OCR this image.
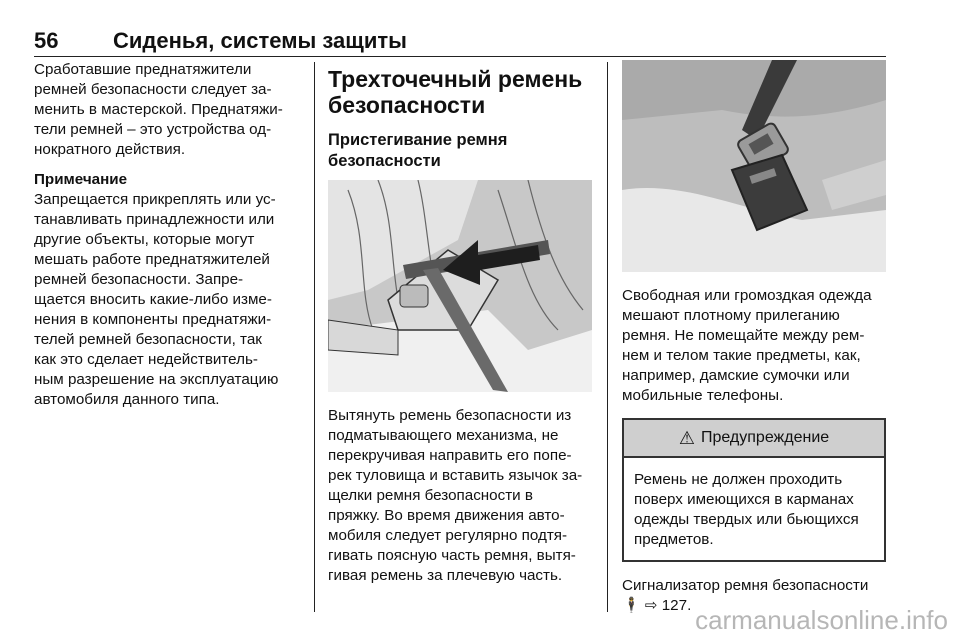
56 Сиденья, системы защиты

Сработавшие преднатяжители
ремней безопасности следует за-
менить в мастерской. Преднатяжи-
тели ремней – это устройства од-
нократного действия.

Примечание

Запрещается прикреплять или ус-
танавливать принадлежности или
другие объекты, которые могут
мешать работе преднатяжителей
ремней безопасности. Запре-
щается вносить какие-либо изме-
нения в компоненты преднатяжи-
телей ремней безопасности, так
как это сделает недействитель-
ным разрешение на эксплуатацию
автомобиля данного типа.

Трехточечный ремень
безопасности
Пристегивание ремня
безопасности

Вытянуть ремень безопасности из
подматывающего механизма, не
перекручивая направить его попе-
рек туловища и вставить язычок за-
щелки ремня безопасности в
пряжку. Во время движения авто-
мобиля следует регулярно подтя-
гивать поясную часть ремня, вытя-
гивая ремень за плечевую часть.

Свободная или громоздкая одежда
мешают плотному прилеганию
ремня. Не помещайте между рем-
нем и телом такие предметы, как,
например, дамские сумочки или
мобильные телефоны.

⚠ Предупреждение
Ремень не должен проходить
поверх имеющихся в карманах
одежды твердых или бьющихся
предметов.

Сигнализатор ремня безопасности
🕴 ⇨ 127. carmanualsonline.info
